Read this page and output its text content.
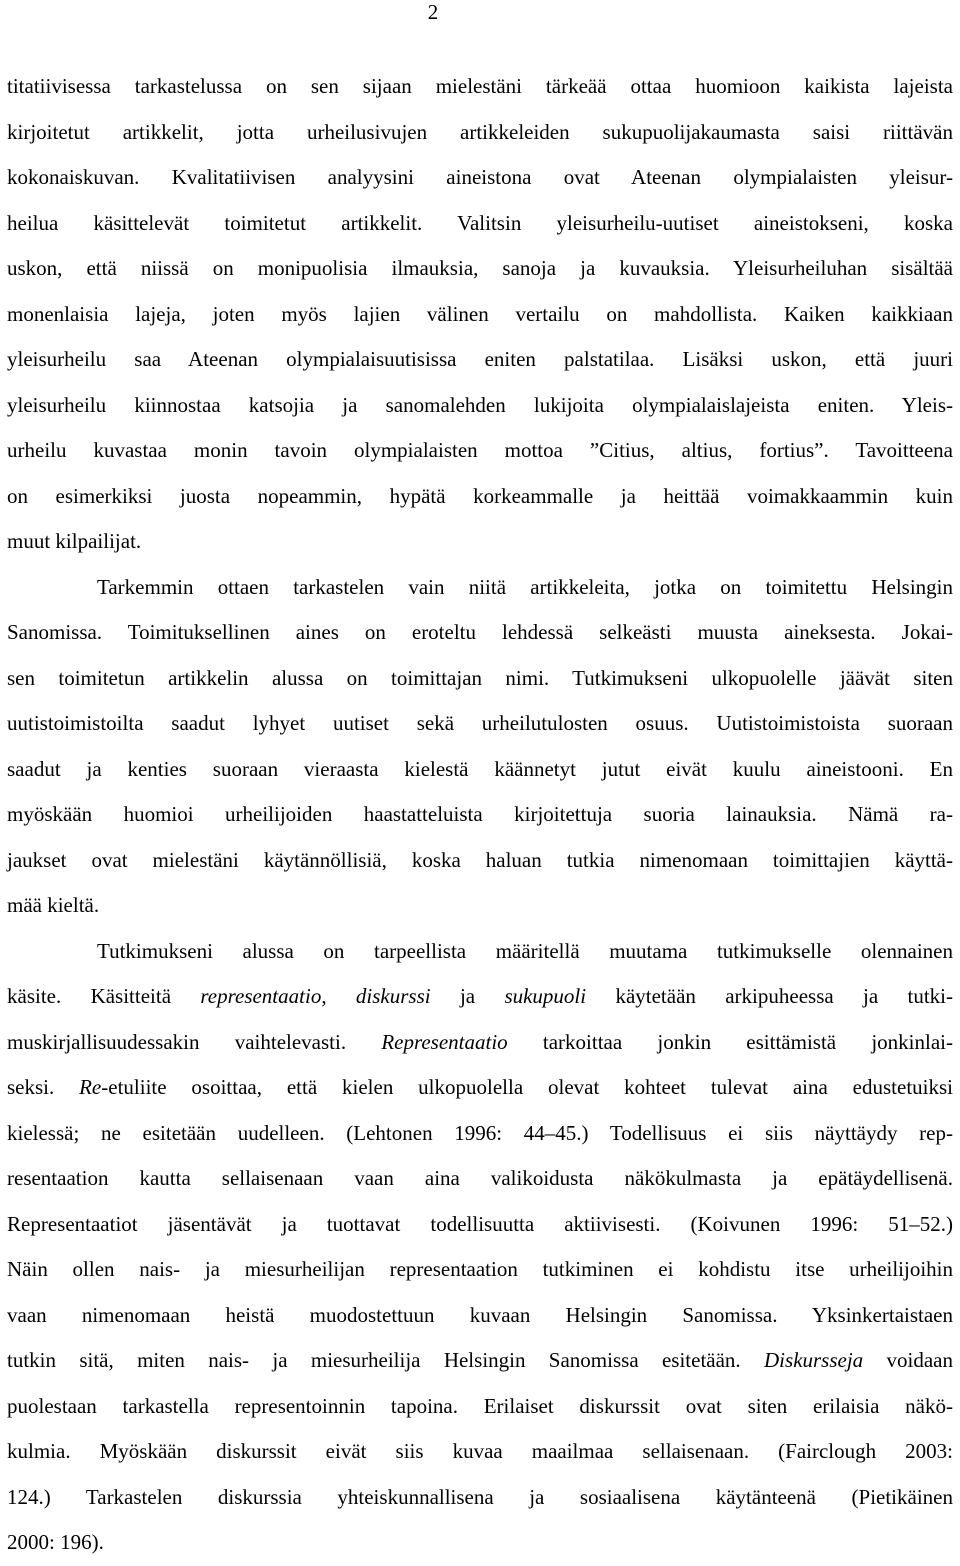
2

titatiivisessa tarkastelussa on sen sijaan mielestäni tärkeää ottaa huomioon kaikista lajeista
kirjoitetut artikkelit, jotta urheilusivujen artikkeleiden sukupuolijakaumasta saisi riittävän
kokonaiskuvan. Kvalitatiivisen analyysini aineistona ovat Ateenan olympialaisten yleisur-
heilua käsittelevät toimitetut artikkelit. Valitsin yleisurheilu-uutiset aineistokseni, koska
uskon, että niissä on monipuolisia ilmauksia, sanoja ja kuvauksia. Yleisurheiluhan sisältää
monenlaisia lajeja, joten myös lajien välinen vertailu on mahdollista. Kaiken kaikkiaan
yleisurheilu saa Ateenan olympialaisuutisissa eniten palstatilaa. Lisäksi uskon, että juuri
yleisurheilu kiinnostaa katsojia ja sanomalehden lukijoita olympialaislajeista eniten. Yleis-
urheilu kuvastaa monin tavoin olympialaisten mottoa ”Citius, altius, fortius”. Tavoitteena
on esimerkiksi juosta nopeammin, hypätä korkeammalle ja heittää voimakkaammin kuin
muut kilpailijat.

Tarkemmin ottaen tarkastelen vain niitä artikkeleita, jotka on toimitettu Helsingin
Sanomissa. Toimituksellinen aines on eroteltu lehdessä selkeästi muusta aineksesta. Jokai-
sen toimitetun artikkelin alussa on toimittajan nimi. Tutkimukseni ulkopuolelle jäävät siten
uutistoimistoilta saadut lyhyet uutiset sekä urheilutulosten osuus. Uutistoimistoista suoraan
saadut ja kenties suoraan vieraasta kielestä käännetyt jutut eivät kuulu aineistooni. En
myöskään huomioi urheilijoiden haastatteluista kirjoitettuja suoria lainauksia. Nämä ra-
jaukset ovat mielestäni käytännöllisiä, koska haluan tutkia nimenomaan toimittajien käyttä-
mää kieltä.

Tutkimukseni alussa on tarpeellista määritellä muutama tutkimukselle olennainen
käsite. Käsitteitä representaatio, diskurssi ja sukupuoli käytetään arkipuheessa ja tutki-
muskirjallisuudessakin vaihtelevasti. Representaatio tarkoittaa jonkin esittämistä jonkinlai-
seksi. Re-etuliite osoittaa, että kielen ulkopuolella olevat kohteet tulevat aina edustetuiksi
kielessä; ne esitetään uudelleen. (Lehtonen 1996: 44–45.) Todellisuus ei siis näyttäydy rep-
resentaation kautta sellaisenaan vaan aina valikoidusta näkökulmasta ja epätäydellisenä.
Representaatiot jäsentävät ja tuottavat todellisuutta aktiivisesti. (Koivunen 1996: 51–52.)
Näin ollen nais- ja miesurheilijan representaation tutkiminen ei kohdistu itse urheilijoihin
vaan nimenomaan heistä muodostettuun kuvaan Helsingin Sanomissa. Yksinkertaistaen
tutkin sitä, miten nais- ja miesurheilija Helsingin Sanomissa esitetään. Diskursseja voidaan
puolestaan tarkastella representoinnin tapoina. Erilaiset diskurssit ovat siten erilaisia näkö-
kulmia. Myöskään diskurssit eivät siis kuvaa maailmaa sellaisenaan. (Fairclough 2003:
124.) Tarkastelen diskurssia yhteiskunnallisena ja sosiaalisena käytänteenä (Pietikäinen
2000: 196).
